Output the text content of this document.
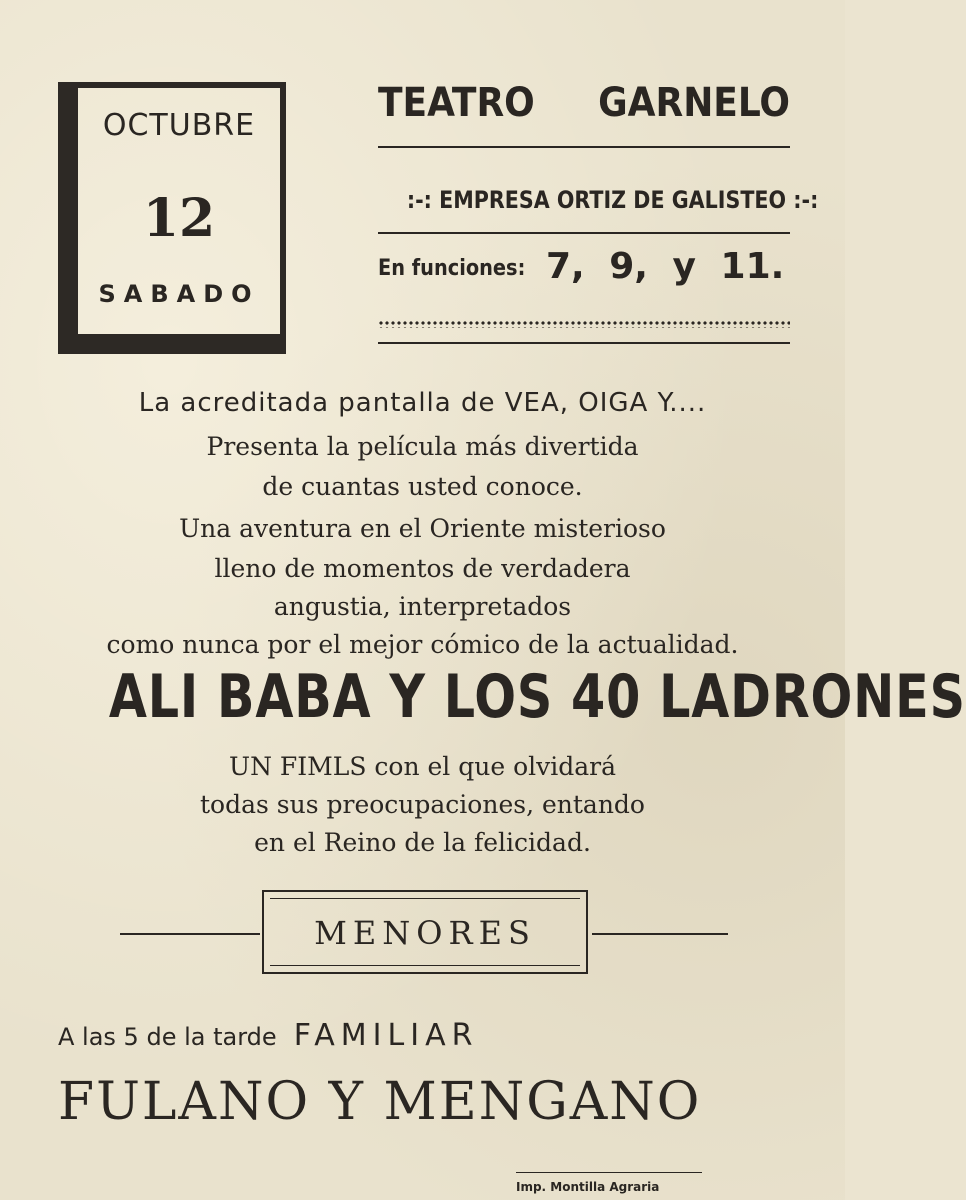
OCTUBRE
12
SABADO
TEATRO GARNELO
:-: EMPRESA ORTIZ DE GALISTEO :-:
En funciones: 7, 9, y 11.
La acreditada pantalla de VEA, OIGA Y....
Presenta la película más divertida
de cuantas usted conoce.
Una aventura en el Oriente misterioso
lleno de momentos de verdadera
angustia, interpretados
como nunca por el mejor cómico de la actualidad.
ALI BABA Y LOS 40 LADRONES
UN FIMLS con el que olvidará
todas sus preocupaciones, entando
en el Reino de la felicidad.
MENORES
A las 5 de la tarde FAMILIAR
FULANO Y MENGANO
Imp. Montilla Agraria
